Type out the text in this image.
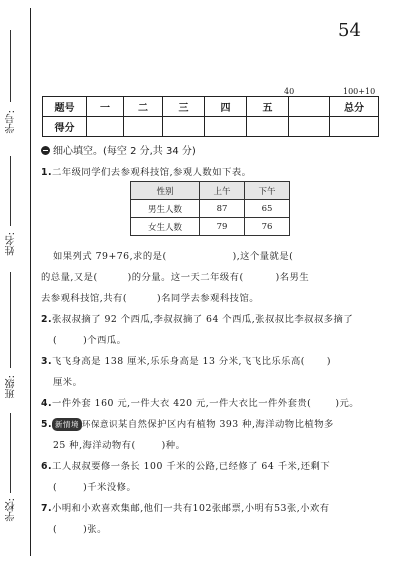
学号:
姓名:
班级:
学校:
54
40	100+10
题号	一	二	三	四	五		总分
得分							
细心填空。(每空 2 分,共 34 分)
1.二年级同学们去参观科技馆,参观人数如下表。
性别	上午	下午
男生人数	87	65
女生人数	79	76
如果列式 79+76,求的是(	),这个量就是(
的总量,又是(	)的分量。这一天二年级有(	)名男生
去参观科技馆,共有(	)名同学去参观科技馆。
2.张叔叔摘了 92 个西瓜,李叔叔摘了 64 个西瓜,张叔叔比李叔叔多摘了
(	)个西瓜。
3.飞飞身高是 138 厘米,乐乐身高是 13 分米,飞飞比乐乐高( )
厘米。
4.一件外套 160 元,一件大衣 420 元,一件大衣比一件外套贵(	)元。
5. 新情境 环保意识某自然保护区内有植物 393 种,海洋动物比植物多
25 种,海洋动物有(	)种。
6.工人叔叔要修一条长 100 千米的公路,已经修了 64 千米,还剩下
(	)千米没修。
7.小明和小欢喜欢集邮,他们一共有102张邮票,小明有53张,小欢有
(	)张。
